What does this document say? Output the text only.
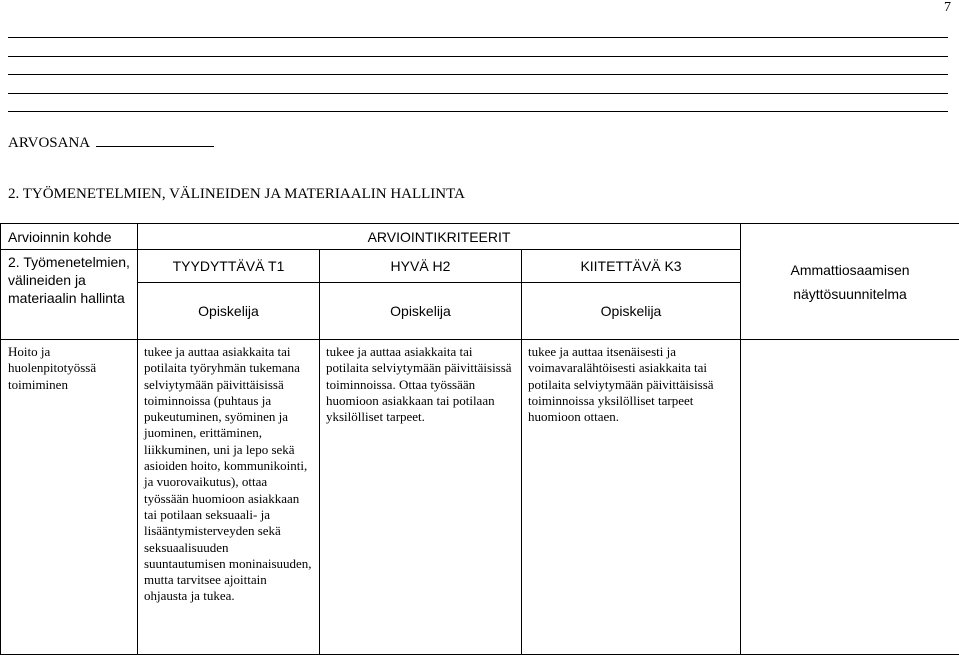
7
ARVOSANA
2. TYÖMENETELMIEN, VÄLINEIDEN JA MATERIAALIN HALLINTA
Arvioinnin kohde	ARVIOINTIKRITEERIT			Ammattiosaamisen näyttösuunnitelma
2. Työmenetelmien, välineiden ja materiaalin hallinta	TYYDYTTÄVÄ T1	HYVÄ H2	KIITETTÄVÄ K3	
	Opiskelija	Opiskelija	Opiskelija	
Hoito ja huolenpitotyössä toimiminen	tukee ja auttaa asiakkaita tai potilaita työryhmän tukemana selviytymään päivittäisissä toiminnoissa (puhtaus ja pukeutuminen, syöminen ja juominen, erittäminen, liikkuminen, uni ja lepo sekä asioiden hoito, kommunikointi, ja vuorovaikutus), ottaa työssään huomioon asiakkaan tai potilaan seksuaali- ja lisääntymisterveyden sekä seksuaalisuuden suuntautumisen moninaisuuden, mutta tarvitsee ajoittain ohjausta ja tukea.	tukee ja auttaa asiakkaita tai potilaita selviytymään päivittäisissä toiminnoissa. Ottaa työssään huomioon asiakkaan tai potilaan yksilölliset tarpeet.	tukee ja auttaa itsenäisesti ja voimavaralähtöisesti asiakkaita tai potilaita selviytymään päivittäisissä toiminnoissa yksilölliset tarpeet huomioon ottaen.	
